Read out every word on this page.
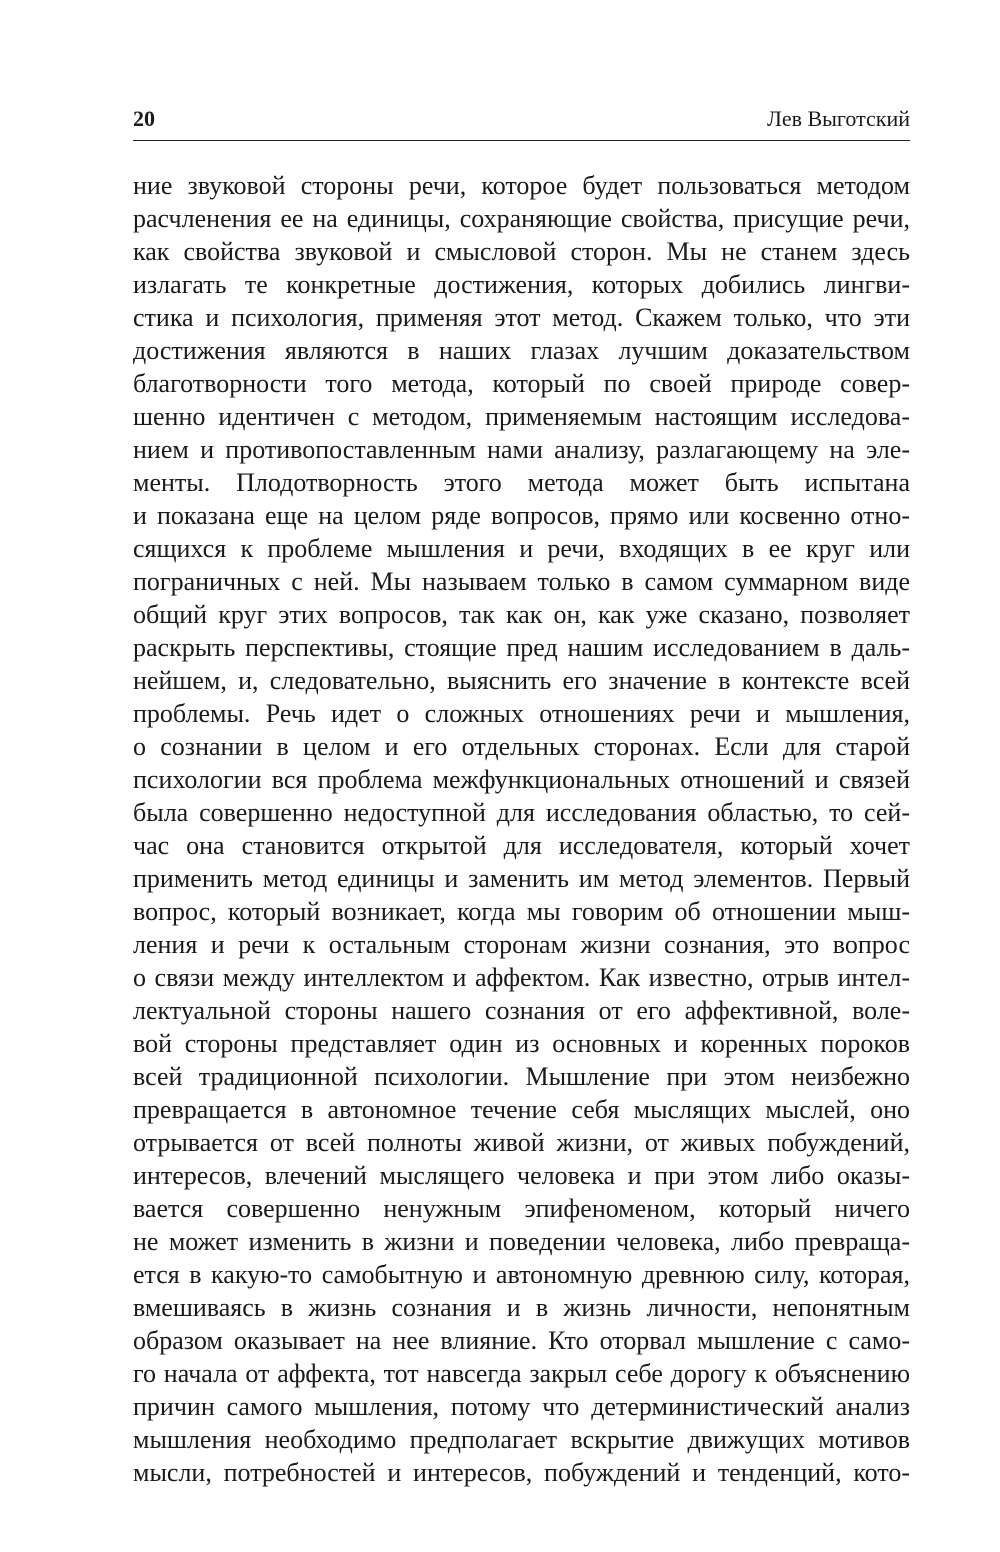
20	Лев Выготский
ние звуковой стороны речи, которое будет пользоваться методом
расчленения ее на единицы, сохраняющие свойства, присущие речи,
как свойства звуковой и смысловой сторон. Мы не станем здесь
излагать те конкретные достижения, которых добились лингви-
стика и психология, применяя этот метод. Скажем только, что эти
достижения являются в наших глазах лучшим доказательством
благотворности того метода, который по своей природе совер-
шенно идентичен с методом, применяемым настоящим исследова-
нием и противопоставленным нами анализу, разлагающему на эле-
менты. Плодотворность этого метода может быть испытана
и показана еще на целом ряде вопросов, прямо или косвенно отно-
сящихся к проблеме мышления и речи, входящих в ее круг или
пограничных с ней. Мы называем только в самом суммарном виде
общий круг этих вопросов, так как он, как уже сказано, позволяет
раскрыть перспективы, стоящие пред нашим исследованием в даль-
нейшем, и, следовательно, выяснить его значение в контексте всей
проблемы. Речь идет о сложных отношениях речи и мышления,
о сознании в целом и его отдельных сторонах. Если для старой
психологии вся проблема межфункциональных отношений и связей
была совершенно недоступной для исследования областью, то сей-
час она становится открытой для исследователя, который хочет
применить метод единицы и заменить им метод элементов. Первый
вопрос, который возникает, когда мы говорим об отношении мыш-
ления и речи к остальным сторонам жизни сознания, это вопрос
о связи между интеллектом и аффектом. Как известно, отрыв интел-
лектуальной стороны нашего сознания от его аффективной, воле-
вой стороны представляет один из основных и коренных пороков
всей традиционной психологии. Мышление при этом неизбежно
превращается в автономное течение себя мыслящих мыслей, оно
отрывается от всей полноты живой жизни, от живых побуждений,
интересов, влечений мыслящего человека и при этом либо оказы-
вается совершенно ненужным эпифеноменом, который ничего
не может изменить в жизни и поведении человека, либо превраща-
ется в какую-то самобытную и автономную древнюю силу, которая,
вмешиваясь в жизнь сознания и в жизнь личности, непонятным
образом оказывает на нее влияние. Кто оторвал мышление с само-
го начала от аффекта, тот навсегда закрыл себе дорогу к объяснению
причин самого мышления, потому что детерминистический анализ
мышления необходимо предполагает вскрытие движущих мотивов
мысли, потребностей и интересов, побуждений и тенденций, кото-
